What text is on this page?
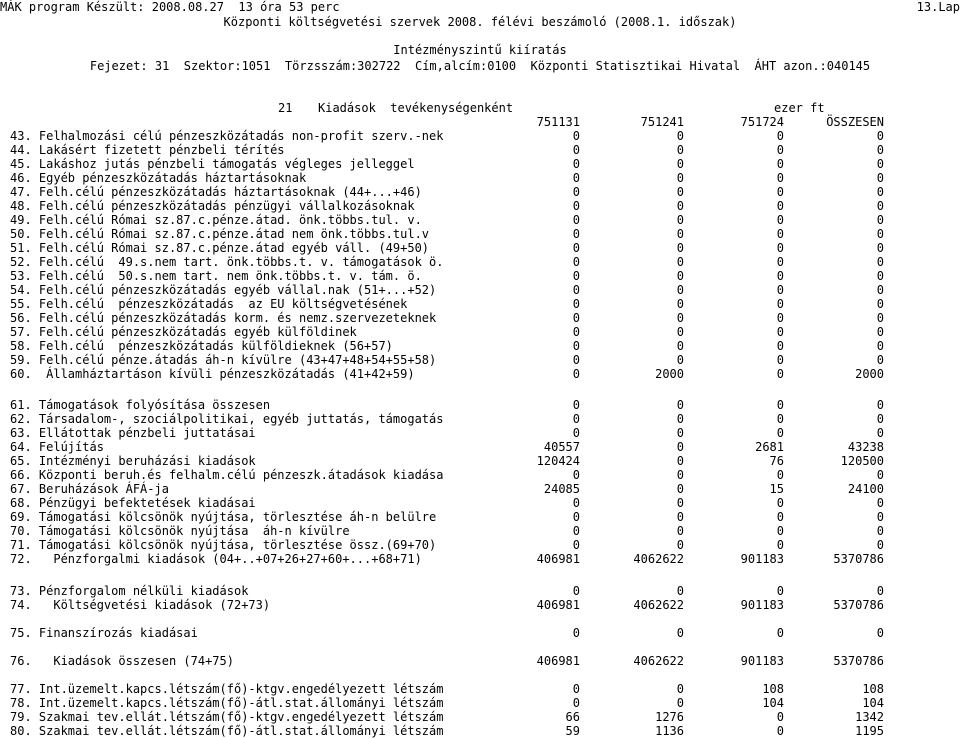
MÁK program Készült: 2008.08.27  13 óra 53 perc	13.Lap
Központi költségvetési szervek 2008. félévi beszámoló (2008.1. időszak)
Intézményszintű kiíratás
Fejezet: 31  Szektor:1051  Törzsszám:302722  Cím,alcím:0100  Központi Statisztikai Hivatal  ÁHT azon.:040145
21 Kiadások  tevékenységenként	ezer ft
751131	751241	751724	ÖSSZESEN
43. Felhalmozási célú pénzeszközátadás non-profit szerv.-nek	0	0	0	0
44. Lakásért fizetett pénzbeli térítés	0	0	0	0
45. Lakáshoz jutás pénzbeli támogatás végleges jelleggel	0	0	0	0
46. Egyéb pénzeszközátadás háztartásoknak	0	0	0	0
47. Felh.célú pénzeszközátadás háztartásoknak (44+...+46)	0	0	0	0
48. Felh.célú pénzeszközátadás pénzügyi vállalkozásoknak	0	0	0	0
49. Felh.célú Római sz.87.c.pénze.átad. önk.többs.tul. v.	0	0	0	0
50. Felh.célú Római sz.87.c.pénze.átad nem önk.többs.tul.v	0	0	0	0
51. Felh.célú Római sz.87.c.pénze.átad egyéb váll. (49+50)	0	0	0	0
52. Felh.célú  49.s.nem tart. önk.többs.t. v. támogatások ö.	0	0	0	0
53. Felh.célú  50.s.nem tart. nem önk.többs.t. v. tám. ö.	0	0	0	0
54. Felh.célú pénzeszközátadás egyéb vállal.nak (51+...+52)	0	0	0	0
55. Felh.célú  pénzeszközátadás  az EU költségvetésének	0	0	0	0
56. Felh.célú pénzeszközátadás korm. és nemz.szervezeteknek	0	0	0	0
57. Felh.célú pénzeszközátadás egyéb külföldinek	0	0	0	0
58. Felh.célú  pénzeszközátadás külföldieknek (56+57)	0	0	0	0
59. Felh.célú pénze.átadás áh-n kívülre (43+47+48+54+55+58)	0	0	0	0
60.  Államháztartáson kívüli pénzeszközátadás (41+42+59)	0	2000	0	2000
61. Támogatások folyósítása összesen	0	0	0	0
62. Társadalom-, szociálpolitikai, egyéb juttatás, támogatás	0	0	0	0
63. Ellátottak pénzbeli juttatásai	0	0	0	0
64. Felújítás	40557	0	2681	43238
65. Intézményi beruházási kiadások	120424	0	76	120500
66. Központi beruh.és felhalm.célú pénzeszk.átadások kiadása	0	0	0	0
67. Beruházások ÁFÁ-ja	24085	0	15	24100
68. Pénzügyi befektetések kiadásai	0	0	0	0
69. Támogatási kölcsönök nyújtása, törlesztése áh-n belülre	0	0	0	0
70. Támogatási kölcsönök nyújtása  áh-n kívülre	0	0	0	0
71. Támogatási kölcsönök nyújtása, törlesztése össz.(69+70)	0	0	0	0
72.   Pénzforgalmi kiadások (04+..+07+26+27+60+...+68+71)	406981	4062622	901183	5370786
73. Pénzforgalom nélküli kiadások	0	0	0	0
74.   Költségvetési kiadások (72+73)	406981	4062622	901183	5370786
75. Finanszírozás kiadásai	0	0	0	0
76.   Kiadások összesen (74+75)	406981	4062622	901183	5370786
77. Int.üzemelt.kapcs.létszám(fő)-ktgv.engedélyezett létszám	0	0	108	108
78. Int.üzemelt.kapcs.létszám(fő)-átl.stat.állományi létszám	0	0	104	104
79. Szakmai tev.ellát.létszám(fő)-ktgv.engedélyezett létszám	66	1276	0	1342
80. Szakmai tev.ellát.létszám(fő)-átl.stat.állományi létszám	59	1136	0	1195
